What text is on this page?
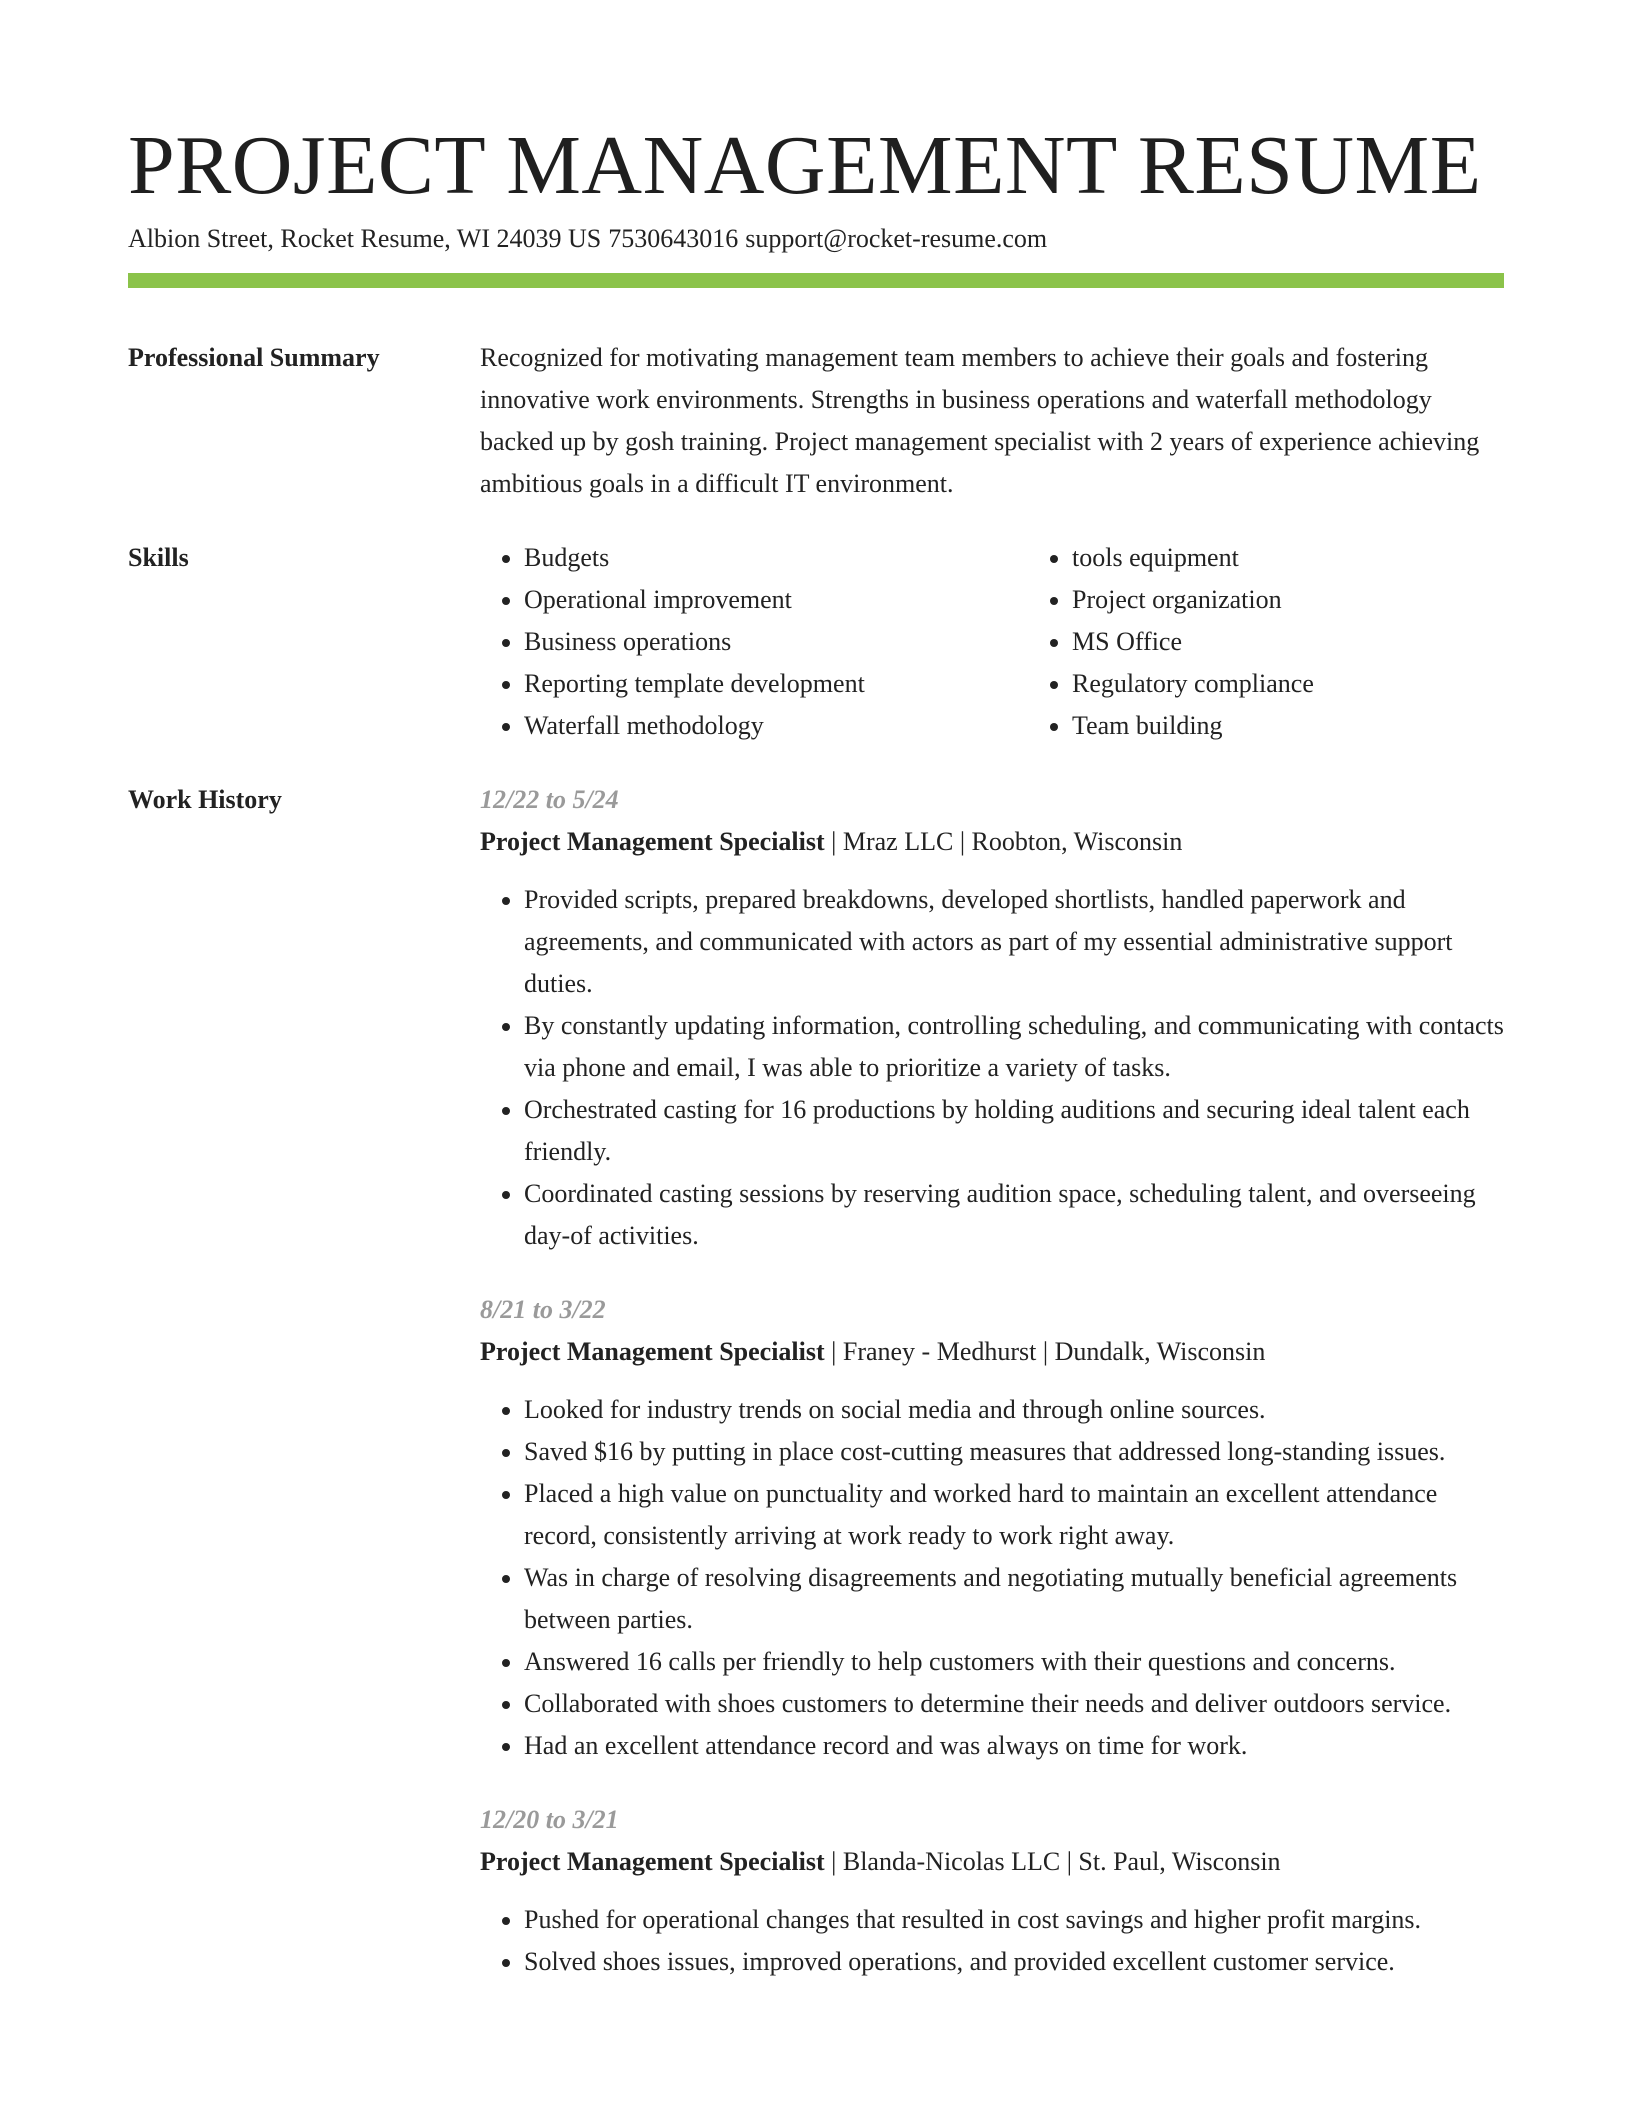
PROJECT MANAGEMENT RESUME
Albion Street, Rocket Resume, WI 24039 US 7530643016 support@rocket-resume.com
Professional Summary	Recognized for motivating management team members to achieve their goals and fostering innovative work environments. Strengths in business operations and waterfall methodology backed up by gosh training. Project management specialist with 2 years of experience achieving ambitious goals in a difficult IT environment.
Skills
•	Budgets
• Operational improvement
• Business operations
• Reporting template development
• Waterfall methodology
• tools equipment
• Project organization
• MS Office
• Regulatory compliance
• Team building
Work History	12/22 to 5/24
Project Management Specialist | Mraz LLC | Roobton, Wisconsin
• Provided scripts, prepared breakdowns, developed shortlists, handled paperwork and agreements, and communicated with actors as part of my essential administrative support duties.
• By constantly updating information, controlling scheduling, and communicating with contacts via phone and email, I was able to prioritize a variety of tasks.
• Orchestrated casting for 16 productions by holding auditions and securing ideal talent each friendly.
• Coordinated casting sessions by reserving audition space, scheduling talent, and overseeing day-of activities.
8/21 to 3/22
Project Management Specialist | Franey - Medhurst | Dundalk, Wisconsin
• Looked for industry trends on social media and through online sources.
• Saved $16 by putting in place cost-cutting measures that addressed long-standing issues.
• Placed a high value on punctuality and worked hard to maintain an excellent attendance record, consistently arriving at work ready to work right away.
• Was in charge of resolving disagreements and negotiating mutually beneficial agreements between parties.
• Answered 16 calls per friendly to help customers with their questions and concerns.
• Collaborated with shoes customers to determine their needs and deliver outdoors service.
• Had an excellent attendance record and was always on time for work.
12/20 to 3/21
Project Management Specialist | Blanda-Nicolas LLC | St. Paul, Wisconsin
• Pushed for operational changes that resulted in cost savings and higher profit margins.
• Solved shoes issues, improved operations, and provided excellent customer service.
